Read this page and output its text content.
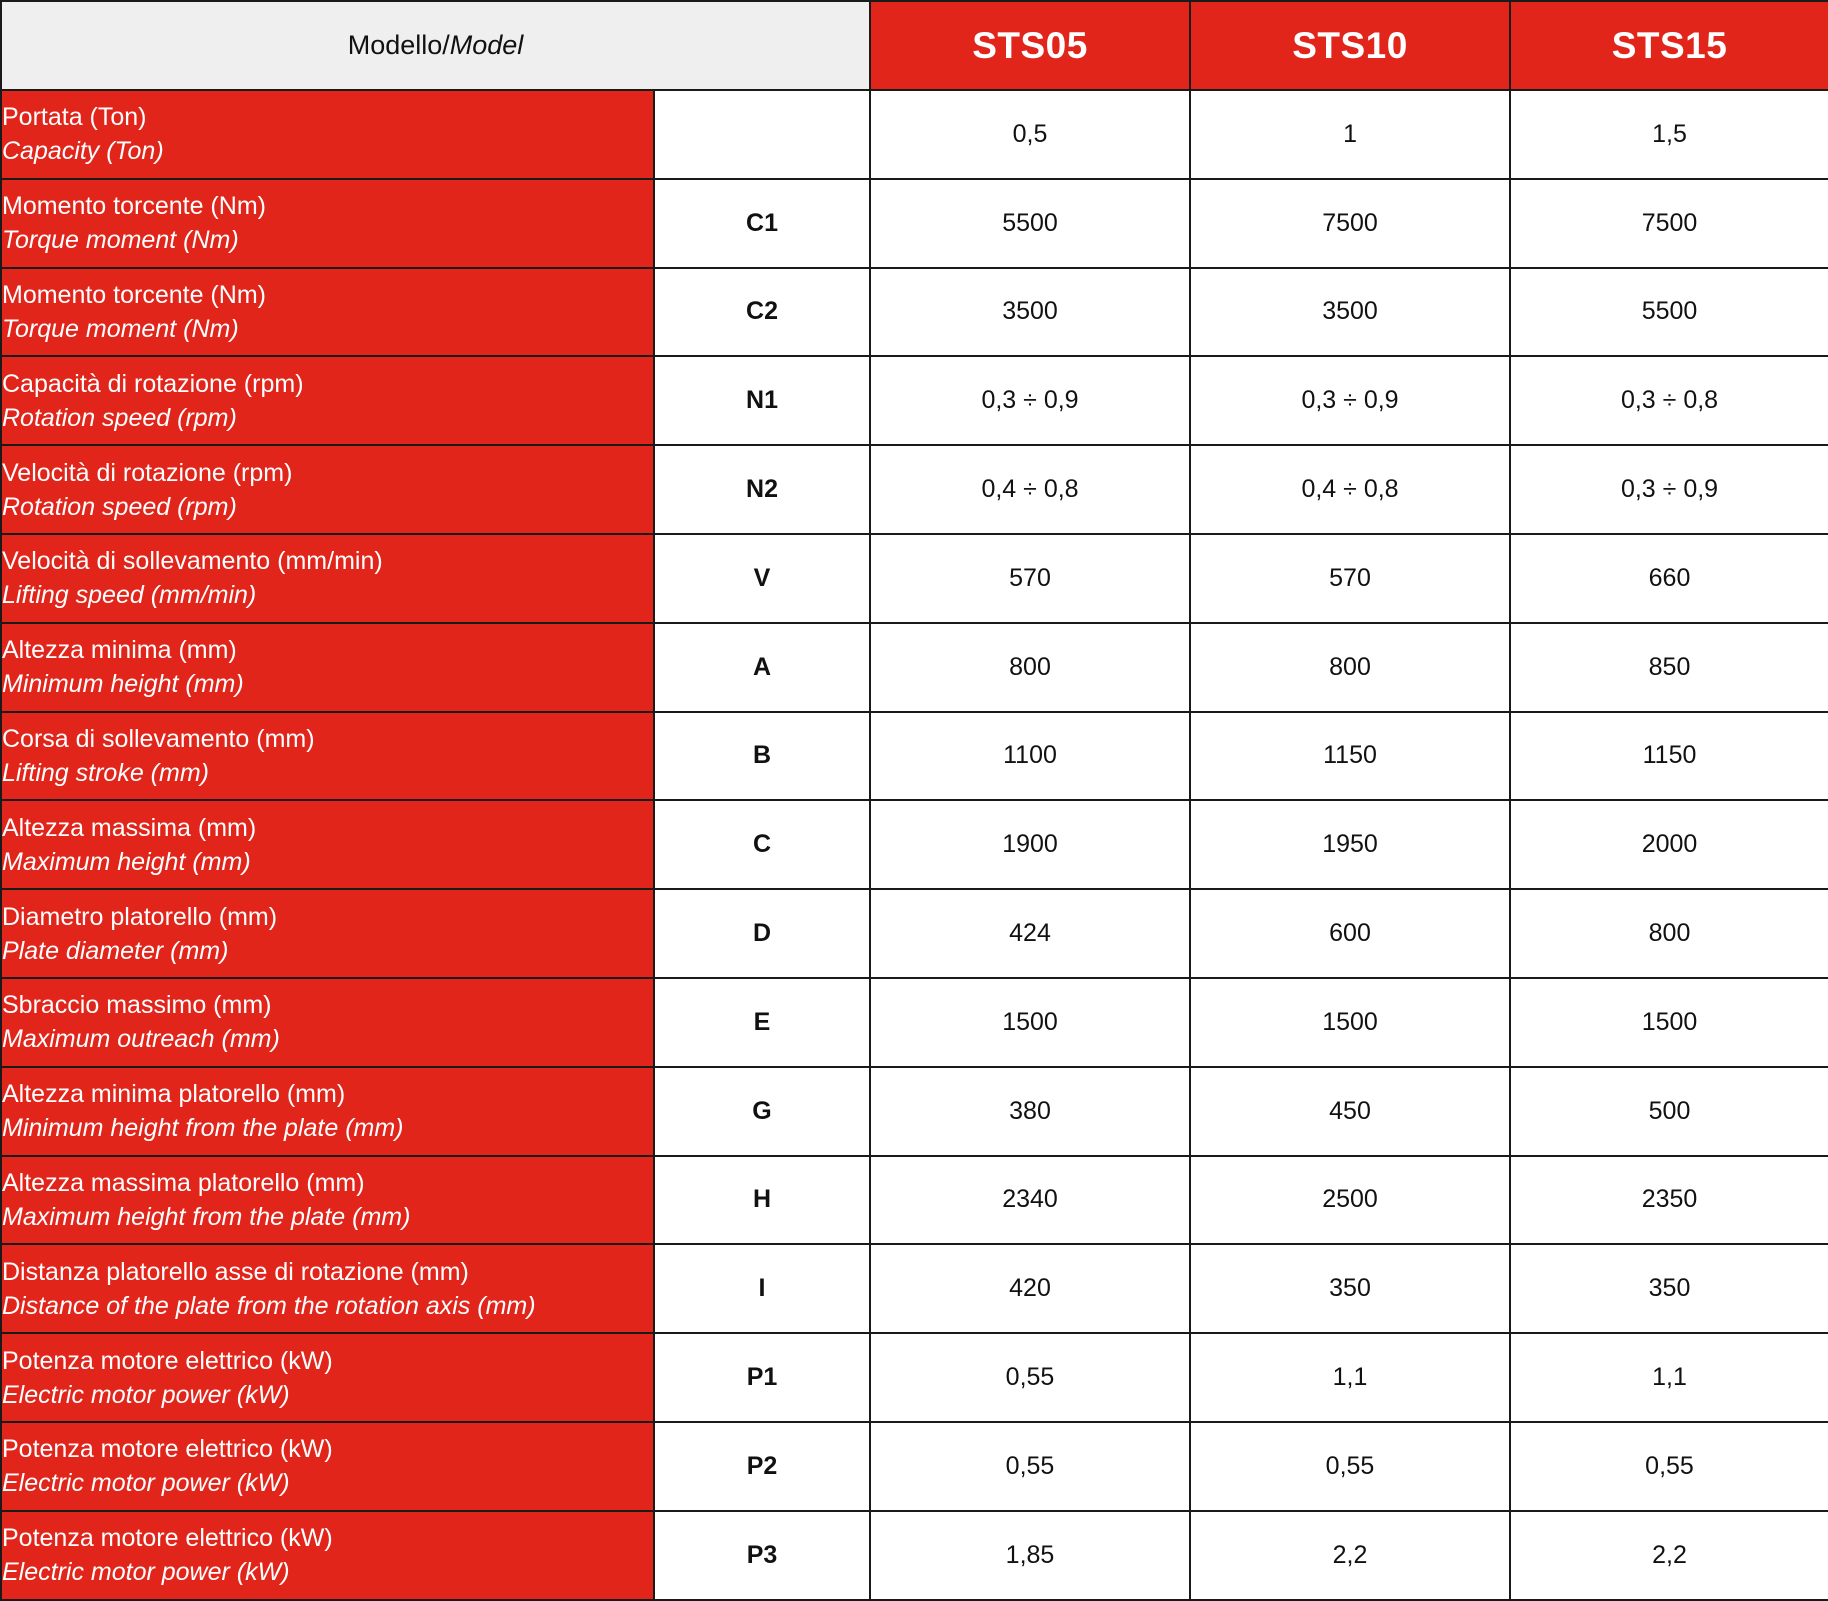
Modello/Model		STS05	STS10	STS15

Portata (Ton)
Capacity (Ton)		0,5	1	1,5

Momento torcente (Nm)
Torque moment (Nm)	C1	5500	7500	7500

Momento torcente (Nm)
Torque moment (Nm)	C2	3500	3500	5500

Capacità di rotazione (rpm)
Rotation speed (rpm)	N1	0,3 ÷ 0,9	0,3 ÷ 0,9	0,3 ÷ 0,8

Velocità di rotazione (rpm)
Rotation speed (rpm)	N2	0,4 ÷ 0,8	0,4 ÷ 0,8	0,3 ÷ 0,9

Velocità di sollevamento (mm/min)
Lifting speed (mm/min)	V	570	570	660

Altezza minima (mm)
Minimum height (mm)	A	800	800	850

Corsa di sollevamento (mm)
Lifting stroke (mm)	B	1100	1150	1150

Altezza massima (mm)
Maximum height (mm)	C	1900	1950	2000

Diametro platorello (mm)
Plate diameter (mm)	D	424	600	800

Sbraccio massimo (mm)
Maximum outreach (mm)	E	1500	1500	1500

Altezza minima platorello (mm)
Minimum height from the plate (mm)	G	380	450	500

Altezza massima platorello (mm)
Maximum height from the plate (mm)	H	2340	2500	2350

Distanza platorello asse di rotazione (mm)
Distance of the plate from the rotation axis (mm)	I	420	350	350

Potenza motore elettrico (kW)
Electric motor power (kW)	P1	0,55	1,1	1,1

Potenza motore elettrico (kW)
Electric motor power (kW)	P2	0,55	0,55	0,55

Potenza motore elettrico (kW)
Electric motor power (kW)	P3	1,85	2,2	2,2
